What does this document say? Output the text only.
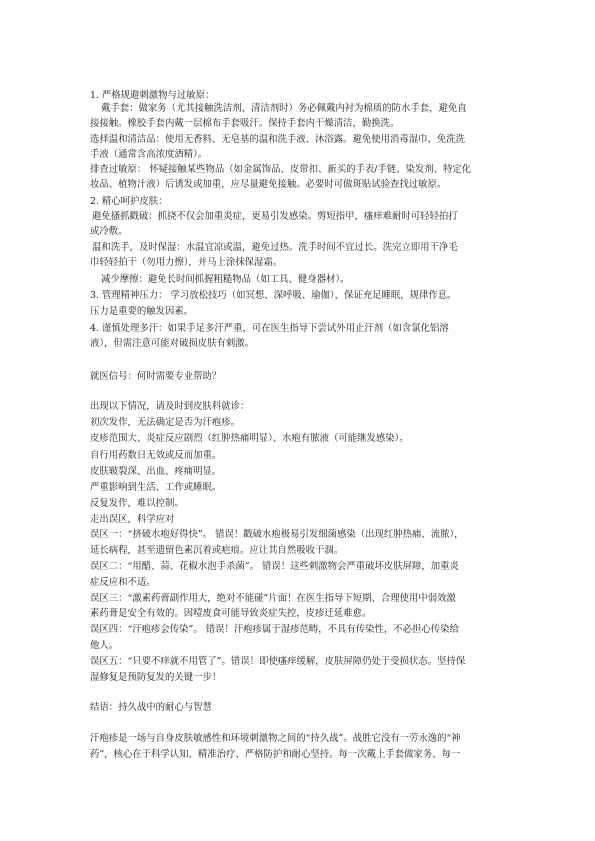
1. 严格规避刺激物与过敏原：
戴手套：做家务（尤其接触洗洁剂、清洁剂时）务必佩戴内衬为棉质的防水手套，避免直
接接触。橡胶手套内戴一层棉布手套吸汗。保持手套内干燥清洁，勤换洗。
选择温和清洁品：使用无香料、无皂基的温和洗手液、沐浴露。避免使用消毒湿巾、免洗洗
手液（通常含高浓度酒精）。
排查过敏原： 怀疑接触某些物品（如金属饰品、皮带扣、新买的手表/手链、染发剂、特定化
妆品、植物汁液）后诱发或加重，应尽量避免接触。必要时可做斑贴试验查找过敏原。
2. 精心呵护皮肤：
避免搔抓戳破：抓挠不仅会加重炎症，更易引发感染。剪短指甲，瘙痒难耐时可轻轻拍打
或冷敷。
温和洗手，及时保湿：水温宜凉或温，避免过热。洗手时间不宜过长。洗完立即用干净毛
巾轻轻拍干（勿用力擦），并马上涂抹保湿霜。
减少摩擦：避免长时间抓握粗糙物品（如工具、健身器材）。
3. 管理精神压力： 学习放松技巧（如冥想、深呼吸、瑜伽），保证充足睡眠，规律作息。
压力是重要的触发因素。
4. 谨慎处理多汗：如果手足多汗严重，可在医生指导下尝试外用止汗剂（如含氯化铝溶
液），但需注意可能对破损皮肤有刺激。
就医信号：何时需要专业帮助？
出现以下情况，请及时到皮肤科就诊：
初次发作，无法确定是否为汗疱疹。
皮疹范围大、炎症反应剧烈（红肿热痛明显）、水疱有脓液（可能继发感染）。
自行用药数日无效或反而加重。
皮肤皲裂深、出血、疼痛明显。
严重影响到生活、工作或睡眠。
反复发作，难以控制。
走出误区，科学应对
误区一：“挤破水疱好得快”。 错误！戳破水疱极易引发细菌感染（出现红肿热痛、流脓），
延长病程，甚至遗留色素沉着或疤痕。应让其自然吸收干涸。
误区二：“用醋、蒜、花椒水泡手杀菌”。 错误！这些刺激物会严重破坏皮肤屏障，加重炎
症反应和不适。
误区三：“激素药膏副作用大，绝对不能碰”片面！在医生指导下短期、合理使用中弱效激
素药膏是安全有效的。因噎废食可能导致炎症失控，皮疹迁延难愈。
误区四：“汗疱疹会传染”。 错误！汗疱疹属于湿疹范畴，不具有传染性，不必担心传染给
他人。
误区五：“只要不痒就不用管了”。错误！即使瘙痒缓解，皮肤屏障仍处于受损状态。坚持保
湿修复是预防复发的关键一步！
结语：持久战中的耐心与智慧
汗疱疹是一场与自身皮肤敏感性和环境刺激物之间的“持久战”。战胜它没有一劳永逸的“神
药”，核心在于科学认知、精准治疗、严格防护和耐心坚持。每一次戴上手套做家务、每一
